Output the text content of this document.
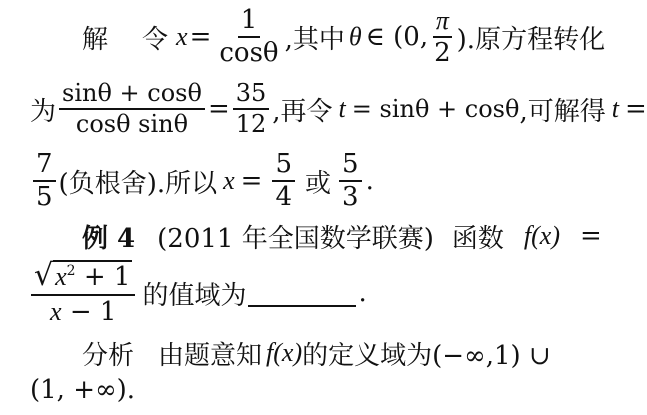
解 令 $x = \frac{1}{\cos\theta}$ ,其中 θ ∈ (0, $\frac{\pi}{2}$ ).原方程转化
为 $\frac{\sin\theta + \cos\theta}{\text{cosθ sinθ}} = \frac{35}{12}$ ,再令 t = sinθ + cosθ ,可解得 t =
$\frac{7}{5}$ (负根舍).所以 $x = \frac{5}{4}$ 或 $\frac{5}{3}$ .
例 4 (2011 年全国数学联赛) 函数 f (x) =
$\frac{√ x^2 + 1}{x - 1}$ 的值域为	.
分析 由题意知 f (x) 的定义域为(−∞,1) ∪
(1, +∞).
